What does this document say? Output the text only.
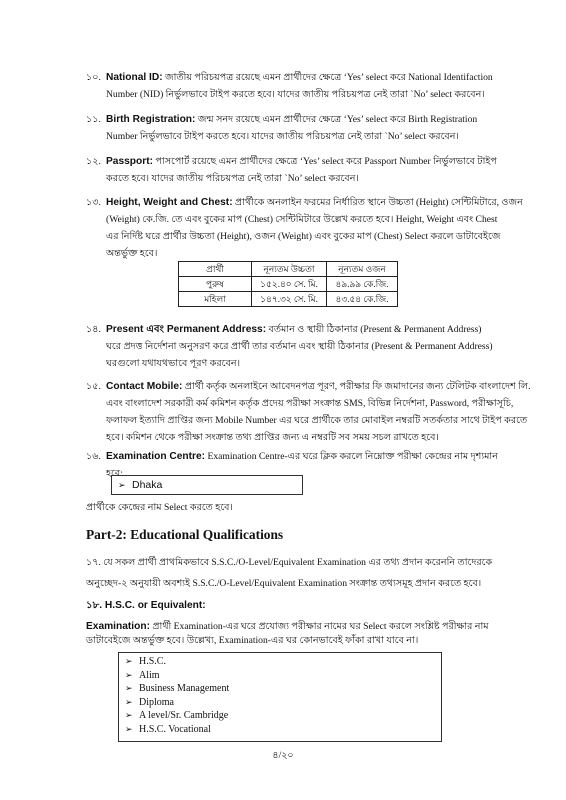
১০. National ID: জাতীয় পরিচয়পত্র রয়েছে এমন প্রার্থীদের ক্ষেত্রে ‘Yes’ select করে National Identifaction
Number (NID) নির্ভুলভাবে টাইপ করতে হবে। যাদের জাতীয় পরিচয়পত্র নেই তারা `No’ select করবেন।
১১. Birth Registration: জন্ম সনদ রয়েছে এমন প্রার্থীদের ক্ষেত্রে ‘Yes’ select করে Birth Registration
Number নির্ভুলভাবে টাইপ করতে হবে। যাদের জাতীয় পরিচয়পত্র নেই তারা `No’ select করবেন।
১২. Passport: পাসপোর্ট রয়েছে এমন প্রার্থীদের ক্ষেত্রে ‘Yes’ select করে Passport Number নির্ভুলভাবে টাইপ
করতে হবে। যাদের জাতীয় পরিচয়পত্র নেই তারা `No’ select করবেন।
১৩. Height, Weight and Chest: প্রার্থীকে অনলাইন ফরমের নির্ধারিত স্থানে উচ্চতা (Height) সেন্টিমিটারে, ওজন
(Weight) কে.জি. তে এবং বুকের মাপ (Chest) সেন্টিমিটারে উল্লেখ করতে হবে। Height, Weight এবং Chest
এর নির্দিষ্ট ঘরে প্রার্থীর উচ্চতা (Height), ওজন (Weight) এবং বুকের মাপ (Chest) Select করলে ডাটাবেইজে
অন্তর্ভুক্ত হবে।
প্রার্থী	নূন্যতম উচ্চতা	নূন্যতম ওজন
পুরুষ	১৫২.৪০ সে. মি.	৪৯.৯৯ কে.জি.
মহিলা	১৪৭.৩২ সে. মি.	৪৩.৫৪ কে.জি.
১৪. Present এবং Permanent Address: বর্তমান ও স্থায়ী ঠিকানার (Present & Permanent Address)
ঘরে প্রদত্ত নির্দেশনা অনুসরণ করে প্রার্থী তার বর্তমান এবং স্থায়ী ঠিকানার (Present & Permanent Address)
ঘরগুলো যথাযথভাবে পূরণ করবেন।
১৫. Contact Mobile: প্রার্থী কর্তৃক অনলাইনে আবেদনপত্র পূরণ, পরীক্ষার ফি জমাদানের জন্য টেলিটক বাংলাদেশ লি.
এবং বাংলাদেশ সরকারী কর্ম কমিশন কর্তৃক প্রদেয় পরীক্ষা সংক্রান্ত SMS, বিভিন্ন নির্দেশনা, Password, পরীক্ষাসূচি,
ফলাফল ইত্যাদি প্রাপ্তির জন্য Mobile Number এর ঘরে প্রার্থীকে তার মোবাইল নম্বরটি সতর্কতার সাথে টাইপ করতে
হবে। কমিশন থেকে পরীক্ষা সংক্রান্ত তথ্য প্রাপ্তির জন্য এ নম্বরটি সব সময় সচল রাখতে হবে।
১৬. Examination Centre: Examination Centre-এর ঘরে ক্লিক করলে নিম্নোক্ত পরীক্ষা কেন্দ্রের নাম দৃশ্যমান
হবে:
➢ Dhaka
প্রার্থীকে কেন্দ্রের নাম Select করতে হবে।
Part-2: Educational Qualifications
১৭. যে সকল প্রার্থী প্রাথমিকভাবে S.S.C./O-Level/Equivalent Examination এর তথ্য প্রদান করেননি তাদেরকে
অনুচ্ছেদ-২ অনুযায়ী অবশ্যই S.S.C./O-Level/Equivalent Examination সংক্রান্ত তথ্যসমূহ প্রদান করতে হবে।
১৮. H.S.C. or Equivalent:
Examination: প্রার্থী Examination-এর ঘরে প্রযোজ্য পরীক্ষার নামের ঘর Select করলে সংশ্লিষ্ট পরীক্ষার নাম
ডাটাবেইজে অন্তর্ভুক্ত হবে। উল্লেখ্য, Examination-এর ঘর কোনভাবেই ফাঁকা রাখা যাবে না।
➢ H.S.C.
➢ Alim
➢ Business Management
➢ Diploma
➢ A level/Sr. Cambridge
➢ H.S.C. Vocational
৪/২০
